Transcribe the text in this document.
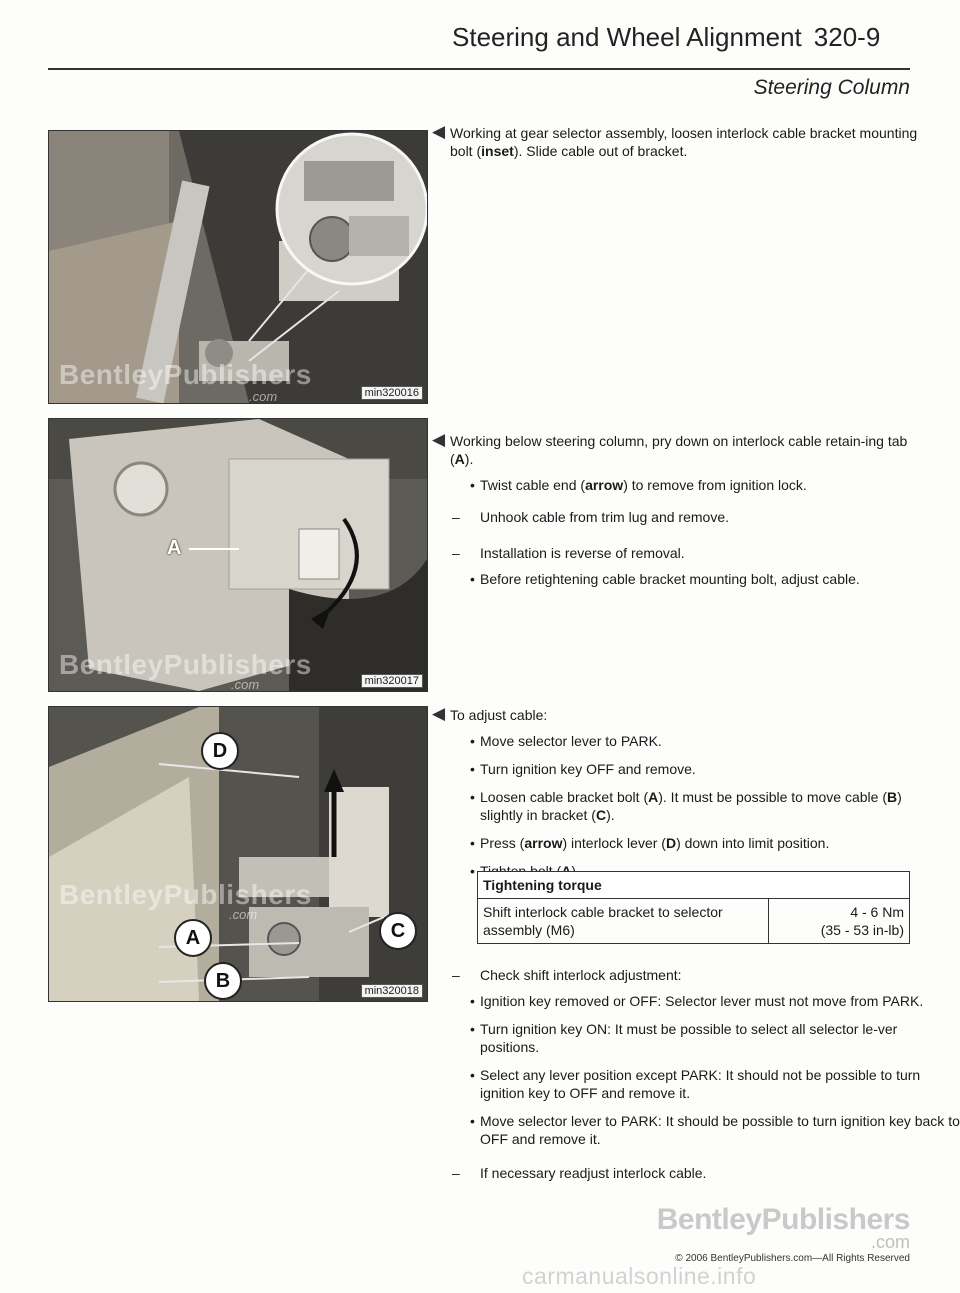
Steering and Wheel Alignment 320-9
Steering Column
BentleyPublishers
.com	min320016
A
BentleyPublishers
.com	min320017
D
A
B
C
BentleyPublishers
.com
min320018
◀ Working at gear selector assembly, loosen interlock cable bracket mounting bolt (inset). Slide cable out of bracket.
◀ Working below steering column, pry down on interlock cable retain-ing tab (A).
• Twist cable end (arrow) to remove from ignition lock.
– Unhook cable from trim lug and remove.
– Installation is reverse of removal.
• Before retightening cable bracket mounting bolt, adjust cable.
◀ To adjust cable:
• Move selector lever to PARK.
• Turn ignition key OFF and remove.
• Loosen cable bracket bolt (A). It must be possible to move cable (B) slightly in bracket (C).
• Press (arrow) interlock lever (D) down into limit position.
•
Tightening torque
Shift interlock cable bracket to selector assembly (M6)	4 - 6 Nm
(35 - 53 in-lb)
– Check shift interlock adjustment:
• Ignition key removed or OFF: Selector lever must not move from PARK.
• Turn ignition key ON: It must be possible to select all selector le-ver positions.
• Select any lever position except PARK: It should not be possible to turn ignition key to OFF and remove it.
• Move selector lever to PARK: It should be possible to turn ignition key back to OFF and remove it.
– If necessary readjust interlock cable.
BentleyPublishers
.com
© 2006 BentleyPublishers.com—All Rights Reserved
carmanualsonline.info
